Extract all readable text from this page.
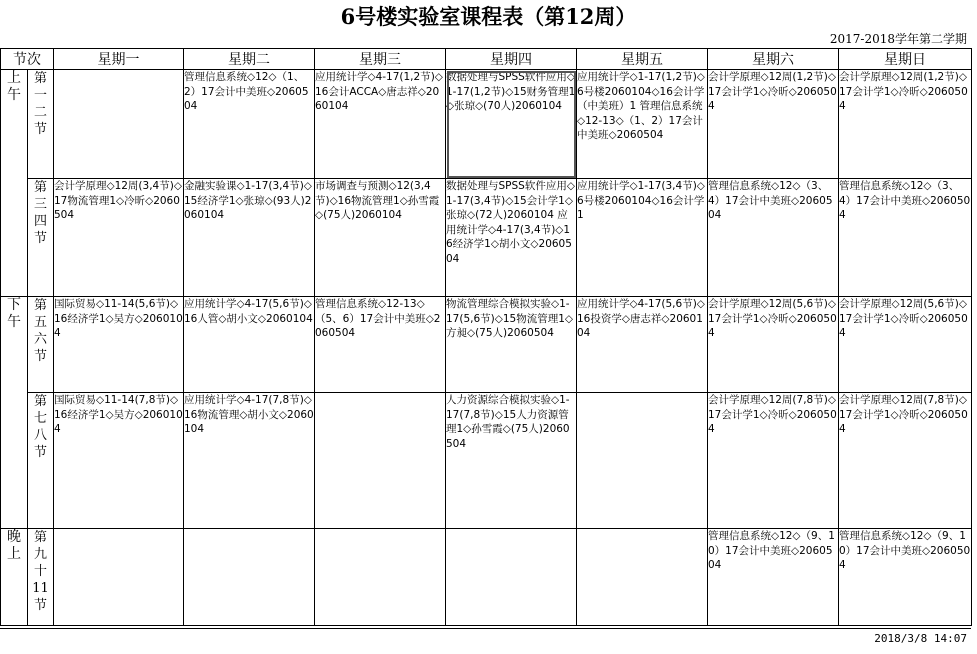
6号楼实验室课程表（第12周）
2017-2018学年第二学期
节次		星期一	星期二	星期三	星期四	星期五	星期六	星期日
上午	第一二节		管理信息系统◇12◇（1、2）17会计中美班◇2060504	应用统计学◇4-17(1,2节)◇16会计ACCA◇唐志祥◇2060104	数据处理与SPSS软件应用◇1-17(1,2节)◇15财务管理1◇张琼◇(70人)2060104	应用统计学◇1-17(1,2节)◇6号楼2060104◇16会计学（中美班）1 管理信息系统◇12-13◇（1、2）17会计中美班◇2060504	会计学原理◇12周(1,2节)◇17会计学1◇冷昕◇2060504	会计学原理◇12周(1,2节)◇17会计学1◇冷昕◇2060504
	第三四节	会计学原理◇12周(3,4节)◇17物流管理1◇冷昕◇2060504	金融实验课◇1-17(3,4节)◇15经济学1◇张琼◇(93人)2060104	市场调查与预测◇12(3,4节)◇16物流管理1◇孙雪霞◇(75人)2060104	数据处理与SPSS软件应用◇1-17(3,4节)◇15会计学1◇张琼◇(72人)2060104 应用统计学◇4-17(3,4节)◇16经济学1◇胡小文◇2060504	应用统计学◇1-17(3,4节)◇6号楼2060104◇16会计学1	管理信息系统◇12◇（3、4）17会计中美班◇2060504	管理信息系统◇12◇（3、4）17会计中美班◇2060504
下午	第五六节	国际贸易◇11-14(5,6节)◇16经济学1◇吴方◇2060104	应用统计学◇4-17(5,6节)◇16人管◇胡小文◇2060104	管理信息系统◇12-13◇（5、6）17会计中美班◇2060504	物流管理综合模拟实验◇1-17(5,6节)◇15物流管理1◇方昶◇(75人)2060504	应用统计学◇4-17(5,6节)◇16投资学◇唐志祥◇2060104	会计学原理◇12周(5,6节)◇17会计学1◇冷昕◇2060504	会计学原理◇12周(5,6节)◇17会计学1◇冷昕◇2060504
	第七八节	国际贸易◇11-14(7,8节)◇16经济学1◇吴方◇2060104	应用统计学◇4-17(7,8节)◇16物流管理◇胡小文◇2060104		人力资源综合模拟实验◇1-17(7,8节)◇15人力资源管理1◇孙雪霞◇(75人)2060504		会计学原理◇12周(7,8节)◇17会计学1◇冷昕◇2060504	会计学原理◇12周(7,8节)◇17会计学1◇冷昕◇2060504
晚上	第九十11节						管理信息系统◇12◇（9、10）17会计中美班◇2060504	管理信息系统◇12◇（9、10）17会计中美班◇2060504
2018/3/8 14:07
